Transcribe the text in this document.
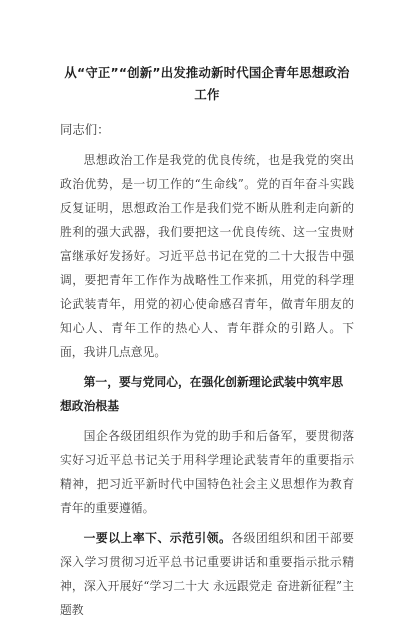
从“守正”“创新”出发推动新时代国企青年思想政治工作
同志们：

思想政治工作是我党的优良传统，也是我党的突出政治优势，是一切工作的“生命线”。党的百年奋斗实践反复证明，思想政治工作是我们党不断从胜利走向新的胜利的强大武器，我们要把这一优良传统、这一宝贵财富继承好发扬好。习近平总书记在党的二十大报告中强调，要把青年工作作为战略性工作来抓，用党的科学理论武装青年，用党的初心使命感召青年，做青年朋友的知心人、青年工作的热心人、青年群众的引路人。下面，我讲几点意见。

第一，要与党同心，在强化创新理论武装中筑牢思想政治根基

国企各级团组织作为党的助手和后备军，要贯彻落实好习近平总书记关于用科学理论武装青年的重要指示精神，把习近平新时代中国特色社会主义思想作为教育青年的重要遵循。

一要以上率下、示范引领。各级团组织和团干部要深入学习贯彻习近平总书记重要讲话和重要指示批示精神，深入开展好“学习二十大 永远跟党走 奋进新征程”主题教
